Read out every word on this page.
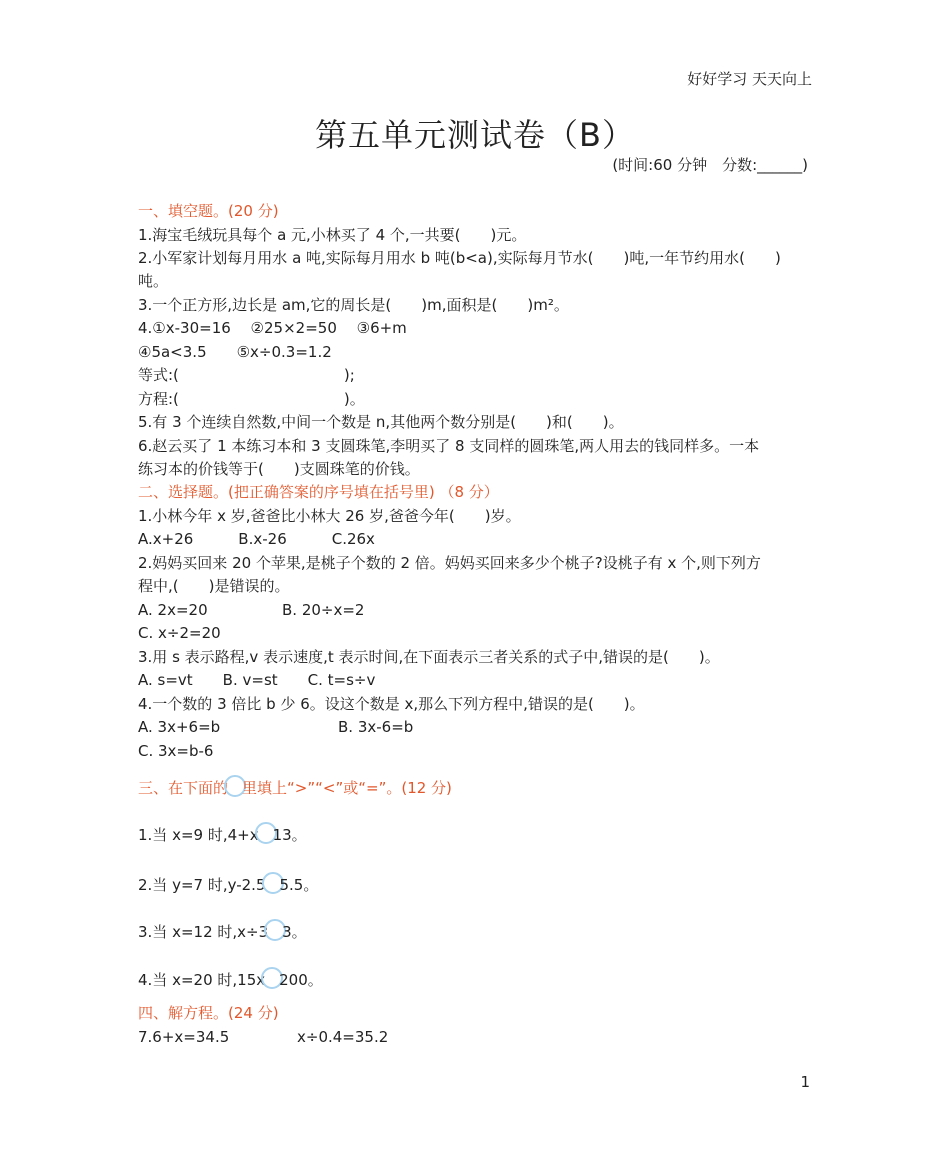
好好学习 天天向上
第五单元测试卷（B）
(时间:60 分钟　分数:______)
一、填空题。(20 分)
1.海宝毛绒玩具每个 a 元,小林买了 4 个,一共要(　　)元。
2.小军家计划每月用水 a 吨,实际每月用水 b 吨(b<a),实际每月节水(　　)吨,一年节约用水(　　)
吨。
3.一个正方形,边长是 am,它的周长是(　　)m,面积是(　　)m²。
4.①x-30=16　 ②25×2=50　 ③6+m
④5a<3.5　　⑤x÷0.3=1.2
等式:(　　　　　　　　　　　);
方程:(　　　　　　　　　　　)。
5.有 3 个连续自然数,中间一个数是 n,其他两个数分别是(　　)和(　　)。
6.赵云买了 1 本练习本和 3 支圆珠笔,李明买了 8 支同样的圆珠笔,两人用去的钱同样多。一本
练习本的价钱等于(　　)支圆珠笔的价钱。
二、选择题。(把正确答案的序号填在括号里) （8 分）
1.小林今年 x 岁,爸爸比小林大 26 岁,爸爸今年(　　)岁。
A.x+26　　　B.x-26　　　C.26x
2.妈妈买回来 20 个苹果,是桃子个数的 2 倍。妈妈买回来多少个桃子?设桃子有 x 个,则下列方
程中,(　　)是错误的。
A. 2x=20	B. 20÷x=2
C. x÷2=20
3.用 s 表示路程,v 表示速度,t 表示时间,在下面表示三者关系的式子中,错误的是(　　)。
A. s=vt　　B. v=st　　C. t=s÷v
4.一个数的 3 倍比 b 少 6。设这个数是 x,那么下列方程中,错误的是(　　)。
A. 3x+6=b	B. 3x-6=b
C. 3x=b-6
三、在下面的 里填上“>”“<”或“=”。(12 分)
1.当 x=9 时,4+x 13。
2.当 y=7 时,y-2.5 5.5。
3.当 x=12 时,x÷3 3。
4.当 x=20 时,15x 200。
四、解方程。(24 分)
7.6+x=34.5	x÷0.4=35.2
1
